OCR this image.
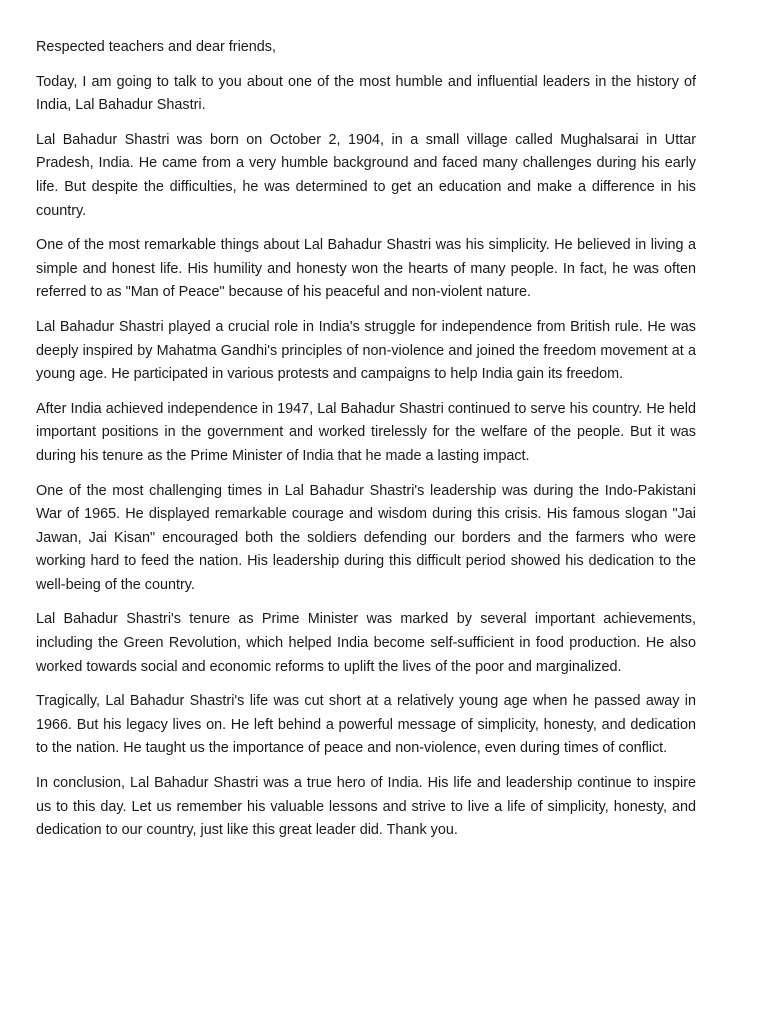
Respected teachers and dear friends,

Today, I am going to talk to you about one of the most humble and influential leaders in the history of India, Lal Bahadur Shastri.

Lal Bahadur Shastri was born on October 2, 1904, in a small village called Mughalsarai in Uttar Pradesh, India. He came from a very humble background and faced many challenges during his early life. But despite the difficulties, he was determined to get an education and make a difference in his country.

One of the most remarkable things about Lal Bahadur Shastri was his simplicity. He believed in living a simple and honest life. His humility and honesty won the hearts of many people. In fact, he was often referred to as "Man of Peace" because of his peaceful and non-violent nature.

Lal Bahadur Shastri played a crucial role in India's struggle for independence from British rule. He was deeply inspired by Mahatma Gandhi's principles of non-violence and joined the freedom movement at a young age. He participated in various protests and campaigns to help India gain its freedom.

After India achieved independence in 1947, Lal Bahadur Shastri continued to serve his country. He held important positions in the government and worked tirelessly for the welfare of the people. But it was during his tenure as the Prime Minister of India that he made a lasting impact.

One of the most challenging times in Lal Bahadur Shastri's leadership was during the Indo-Pakistani War of 1965. He displayed remarkable courage and wisdom during this crisis. His famous slogan "Jai Jawan, Jai Kisan" encouraged both the soldiers defending our borders and the farmers who were working hard to feed the nation. His leadership during this difficult period showed his dedication to the well-being of the country.

Lal Bahadur Shastri's tenure as Prime Minister was marked by several important achievements, including the Green Revolution, which helped India become self-sufficient in food production. He also worked towards social and economic reforms to uplift the lives of the poor and marginalized.

Tragically, Lal Bahadur Shastri's life was cut short at a relatively young age when he passed away in 1966. But his legacy lives on. He left behind a powerful message of simplicity, honesty, and dedication to the nation. He taught us the importance of peace and non-violence, even during times of conflict.

In conclusion, Lal Bahadur Shastri was a true hero of India. His life and leadership continue to inspire us to this day. Let us remember his valuable lessons and strive to live a life of simplicity, honesty, and dedication to our country, just like this great leader did. Thank you.
